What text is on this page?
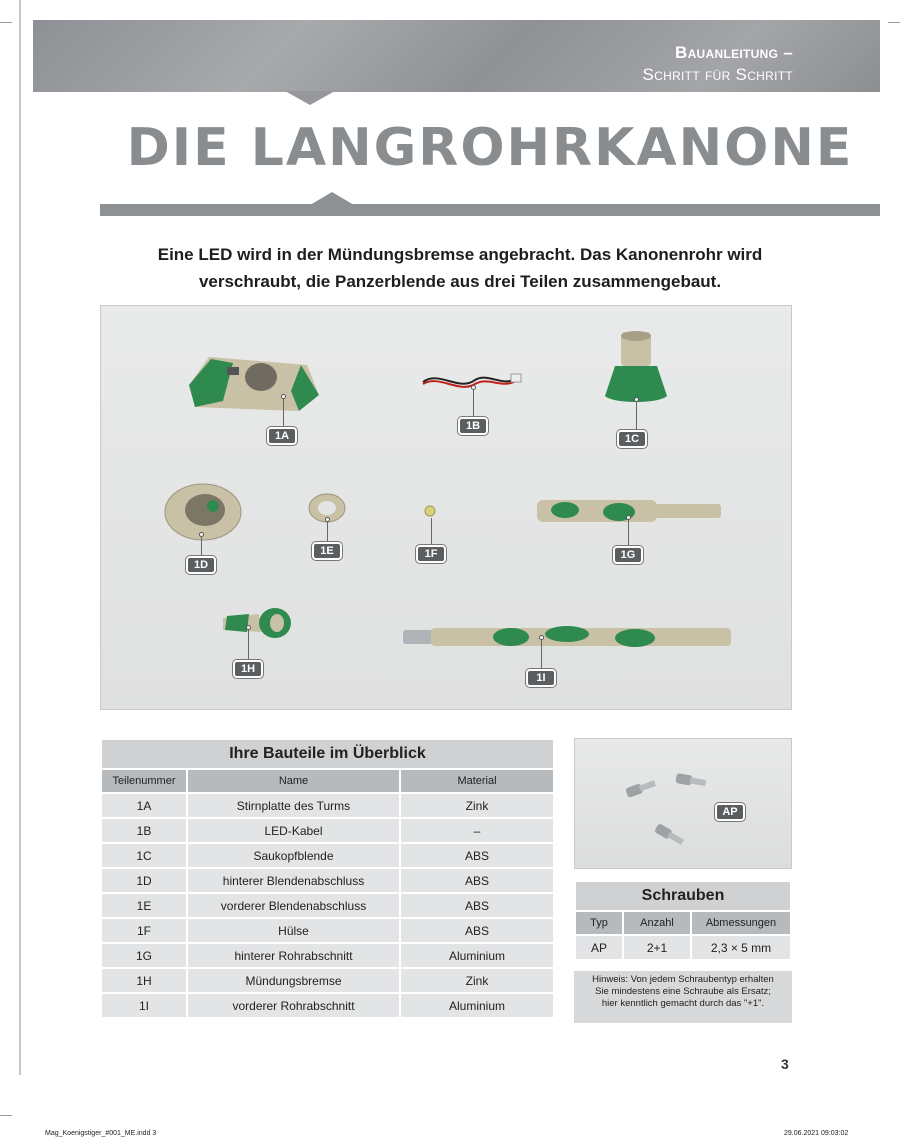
Bauanleitung –
Schritt für Schritt
DIE LANGROHRKANONE
Eine LED wird in der Mündungsbremse angebracht. Das Kanonenrohr wird
verschraubt, die Panzerblende aus drei Teilen zusammengebaut.
1A
1B
1C
1D
1E	1F	1G
1H
1I
Ihre Bauteile im Überblick		
Teilenummer	Name	Material
1A	Stirnplatte des Turms	Zink
1B	LED-Kabel	–
1C	Saukopfblende	ABS
1D	hinterer Blendenabschluss	ABS
1E	vorderer Blendenabschluss	ABS
1F	Hülse	ABS
1G	hinterer Rohrabschnitt	Aluminium
1H	Mündungsbremse	Zink
1I	vorderer Rohrabschnitt	Aluminium
AP
Schrauben		
Typ	Anzahl	Abmessungen
AP	2+1	2,3 × 5 mm
Hinweis: Von jedem Schraubentyp erhalten
Sie mindestens eine Schraube als Ersatz;
hier kenntlich gemacht durch das "+1".
3
Mag_Koenigstiger_#001_ME.indd 3	29.06.2021 09:03:02
